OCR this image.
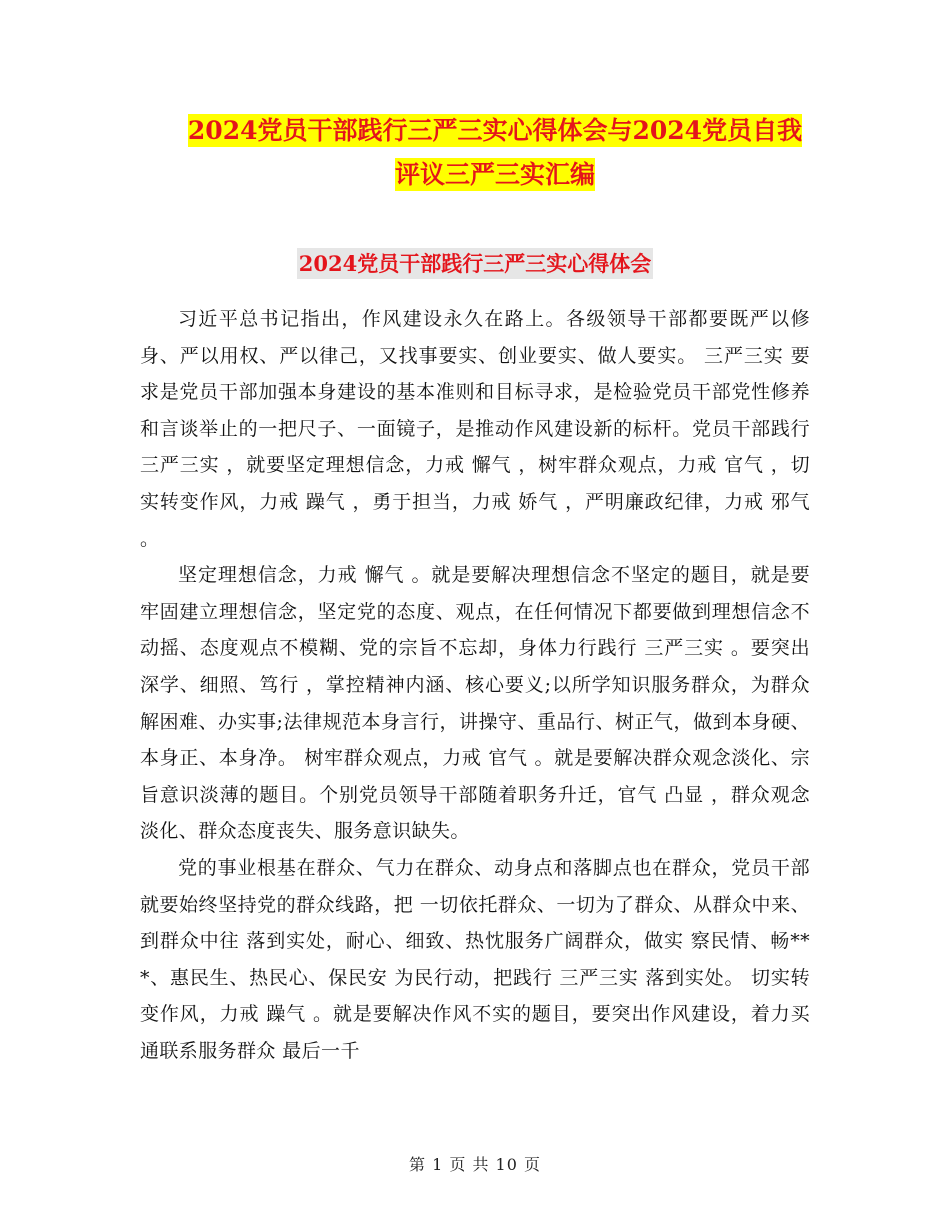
2024党员干部践行三严三实心得体会与2024党员自我
评议三严三实汇编
2024党员干部践行三严三实心得体会

习近平总书记指出，作风建设永久在路上。各级领导干部都要既严以修身、严以用权、严以律己，又找事要实、创业要实、做人要实。 三严三实 要求是党员干部加强本身建设的基本准则和目标寻求，是检验党员干部党性修养和言谈举止的一把尺子、一面镜子，是推动作风建设新的标杆。党员干部践行 三严三实 ，就要坚定理想信念，力戒 懈气 ，树牢群众观点，力戒 官气 ，切实转变作风，力戒 躁气 ，勇于担当，力戒 娇气 ，严明廉政纪律，力戒 邪气 。

坚定理想信念，力戒 懈气 。就是要解决理想信念不坚定的题目，就是要牢固建立理想信念，坚定党的态度、观点，在任何情况下都要做到理想信念不动摇、态度观点不模糊、党的宗旨不忘却，身体力行践行 三严三实 。要突出 深学、细照、笃行 ，掌控精神内涵、核心要义;以所学知识服务群众，为群众解困难、办实事;法律规范本身言行，讲操守、重品行、树正气，做到本身硬、本身正、本身净。 树牢群众观点，力戒 官气 。就是要解决群众观念淡化、宗旨意识淡薄的题目。个别党员领导干部随着职务升迁，官气 凸显 ，群众观念淡化、群众态度丧失、服务意识缺失。

党的事业根基在群众、气力在群众、动身点和落脚点也在群众，党员干部就要始终坚持党的群众线路，把 一切依托群众、一切为了群众、从群众中来、到群众中往 落到实处，耐心、细致、热忱服务广阔群众，做实 察民情、畅***、惠民生、热民心、保民安 为民行动，把践行 三严三实 落到实处。 切实转变作风，力戒 躁气 。就是要解决作风不实的题目，要突出作风建设，着力买通联系服务群众 最后一千

第 1 页 共 10 页
